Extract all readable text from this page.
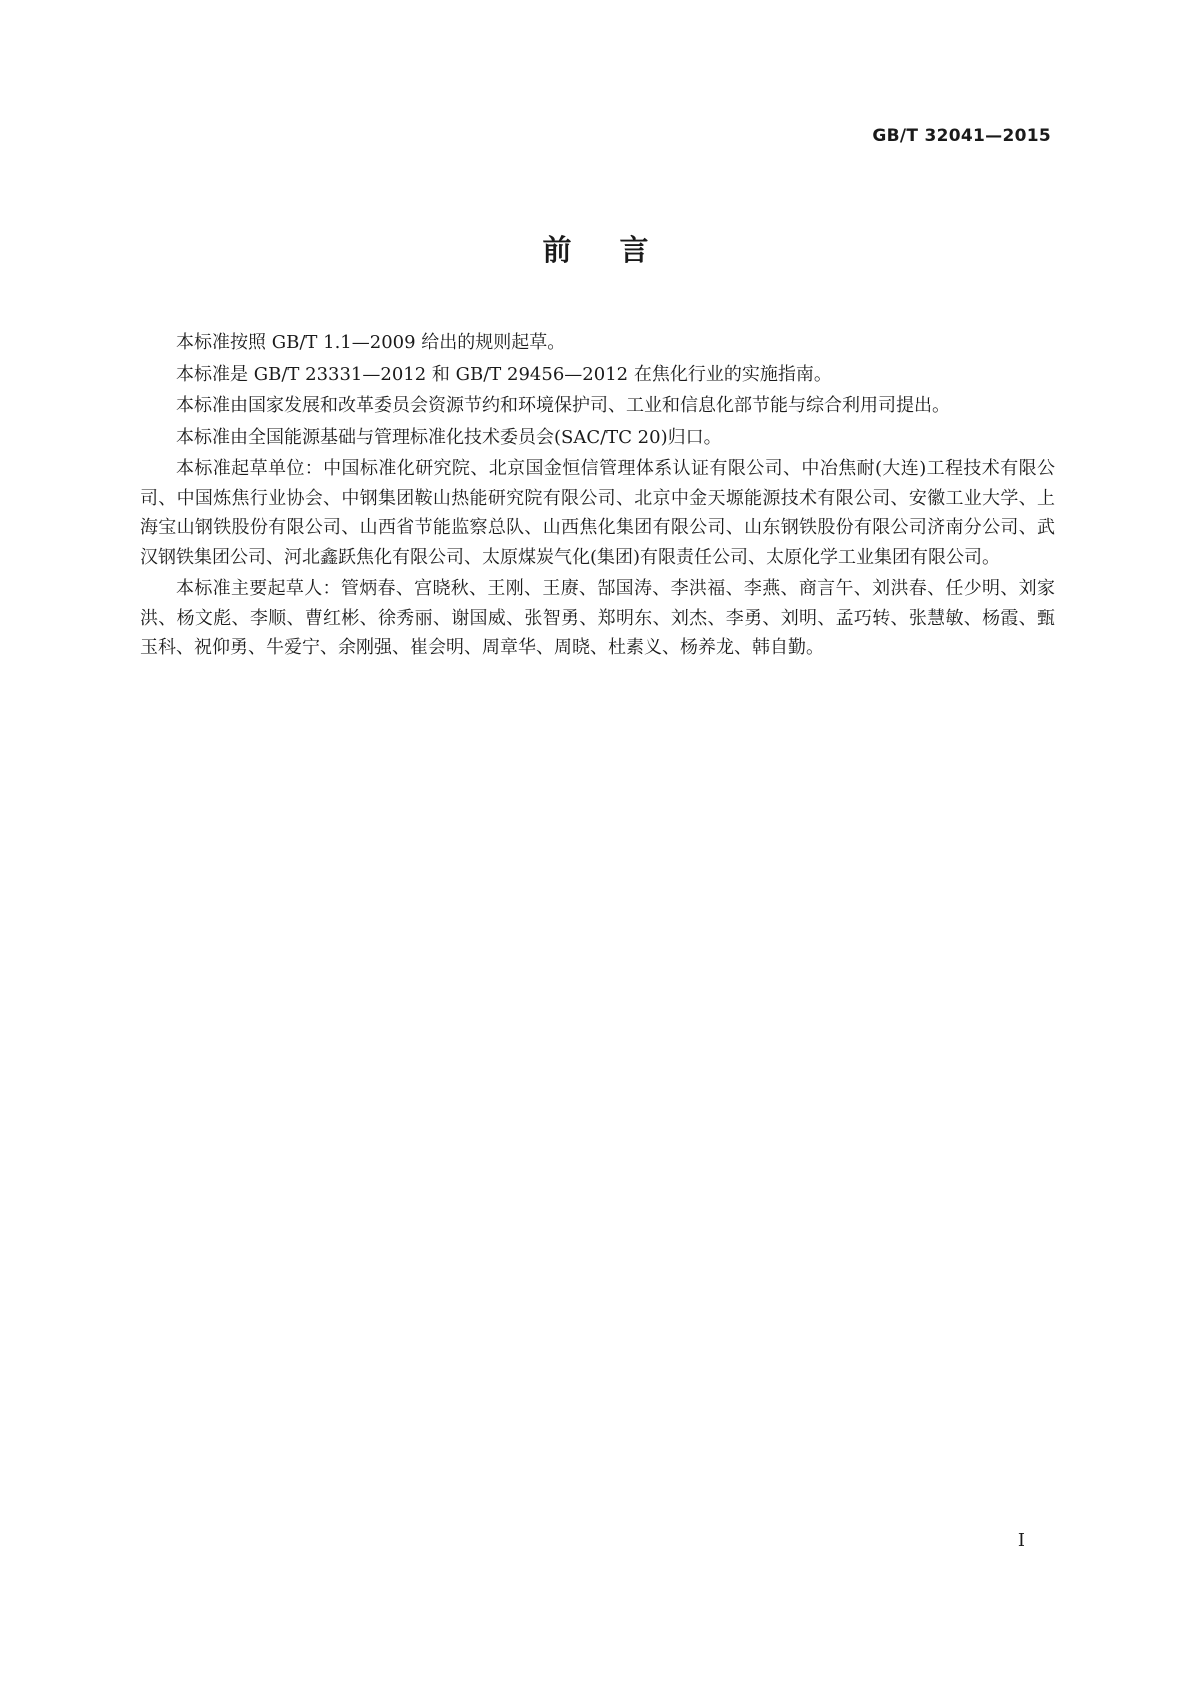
GB/T 32041—2015
前言

本标准按照 GB/T 1.1—2009 给出的规则起草。

本标准是 GB/T 23331—2012 和 GB/T 29456—2012 在焦化行业的实施指南。

本标准由国家发展和改革委员会资源节约和环境保护司、工业和信息化部节能与综合利用司提出。

本标准由全国能源基础与管理标准化技术委员会(SAC/TC 20)归口。

本标准起草单位：中国标准化研究院、北京国金恒信管理体系认证有限公司、中冶焦耐(大连)工程技术有限公司、中国炼焦行业协会、中钢集团鞍山热能研究院有限公司、北京中金天塬能源技术有限公司、安徽工业大学、上海宝山钢铁股份有限公司、山西省节能监察总队、山西焦化集团有限公司、山东钢铁股份有限公司济南分公司、武汉钢铁集团公司、河北鑫跃焦化有限公司、太原煤炭气化(集团)有限责任公司、太原化学工业集团有限公司。

本标准主要起草人：管炳春、宫晓秋、王刚、王赓、郜国涛、李洪福、李燕、商言午、刘洪春、任少明、刘家洪、杨文彪、李顺、曹红彬、徐秀丽、谢国威、张智勇、郑明东、刘杰、李勇、刘明、孟巧转、张慧敏、杨霞、甄玉科、祝仰勇、牛爱宁、余刚强、崔会明、周章华、周晓、杜素义、杨养龙、韩自勤。

I
